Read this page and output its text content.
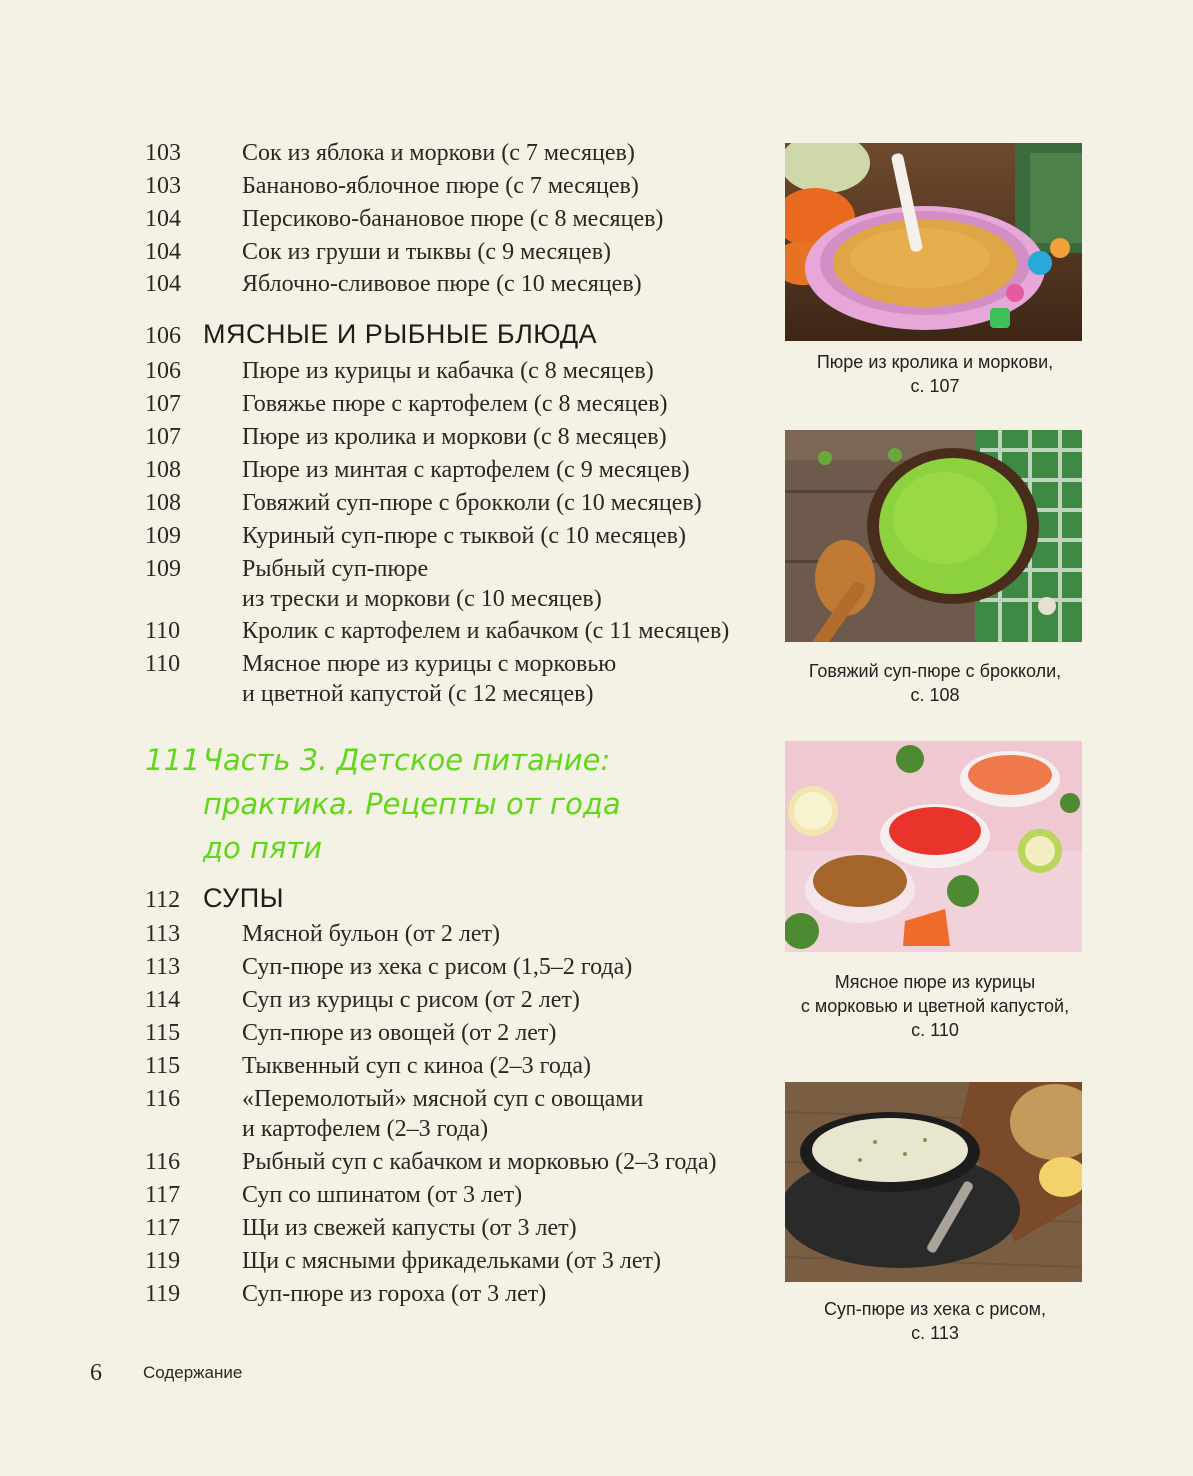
103	Сок из яблока и моркови (с 7 месяцев)
103	Бананово-яблочное пюре (с 7 месяцев)
104	Персиково-банановое пюре (с 8 месяцев)
104	Сок из груши и тыквы (с 9 месяцев)
104	Яблочно-сливовое пюре (с 10 месяцев)
106 МЯСНЫЕ И РЫБНЫЕ БЛЮДА
106	Пюре из курицы и кабачка (с 8 месяцев)
107	Говяжье пюре с картофелем (с 8 месяцев)
107	Пюре из кролика и моркови (с 8 месяцев)
108	Пюре из минтая с картофелем (с 9 месяцев)
108	Говяжий суп-пюре с брокколи (с 10 месяцев)
109	Куриный суп-пюре с тыквой (с 10 месяцев)
109	Рыбный суп-пюре
из трески и моркови (с 10 месяцев)
110	Кролик с картофелем и кабачком (с 11 месяцев)
110	Мясное пюре из курицы с морковью
и цветной капустой (с 12 месяцев)
111 Часть 3. Детское питание:
практика. Рецепты от года
до пяти
112 СУПЫ
113	Мясной бульон (от 2 лет)
113	Суп-пюре из хека с рисом (1,5–2 года)
114	Суп из курицы с рисом (от 2 лет)
115	Суп-пюре из овощей (от 2 лет)
115	Тыквенный суп с киноа (2–3 года)
116	«Перемолотый» мясной суп с овощами
и картофелем (2–3 года)
116	Рыбный суп с кабачком и морковью (2–3 года)
117	Суп со шпинатом (от 3 лет)
117	Щи из свежей капусты (от 3 лет)
119	Щи с мясными фрикадельками (от 3 лет)
119	Суп-пюре из гороха (от 3 лет)
Пюре из кролика и моркови,
с. 107
Говяжий суп-пюре с брокколи,
с. 108
Мясное пюре из курицы
с морковью и цветной капустой,
с. 110
Суп-пюре из хека с рисом,
с. 113
6 Содержание
